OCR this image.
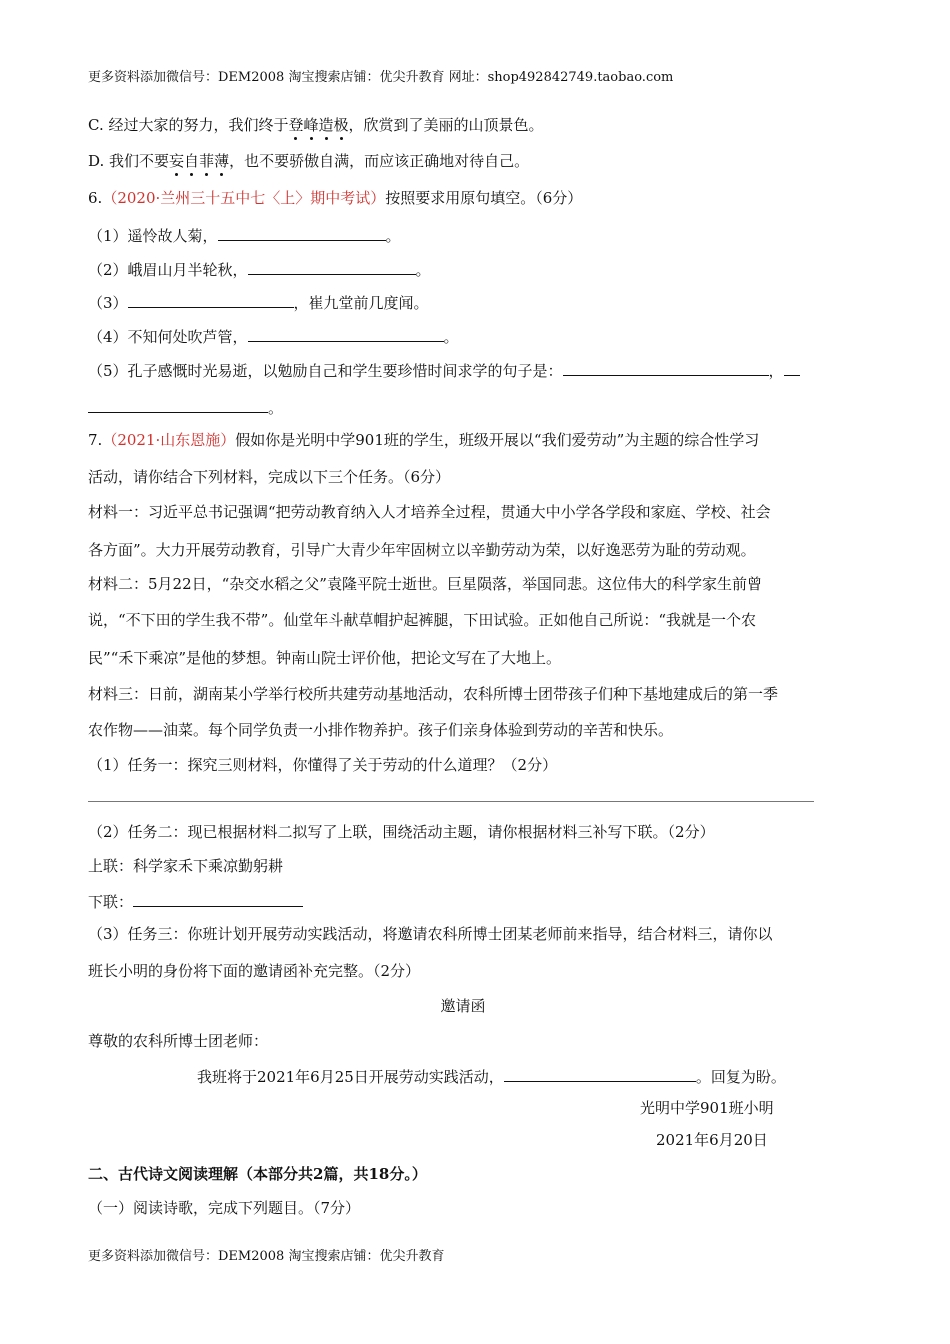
更多资料添加微信号：DEM2008 淘宝搜索店铺：优尖升教育 网址：shop492842749.taobao.com
C. 经过大家的努力，我们终于登峰造极，欣赏到了美丽的山顶景色。
D. 我们不要妄自菲薄，也不要骄傲自满，而应该正确地对待自己。
6.（2020·兰州三十五中七〈上〉期中考试）按照要求用原句填空。（6分）
（1）遥怜故人菊，	。
（2）峨眉山月半轮秋，	。
（3）	，崔九堂前几度闻。
（4）不知何处吹芦管，	。
（5）孔子感慨时光易逝，以勉励自己和学生要珍惜时间求学的句子是：	，
。
7.（2021·山东恩施）假如你是光明中学901班的学生，班级开展以“我们爱劳动”为主题的综合性学习
活动，请你结合下列材料，完成以下三个任务。（6分）
材料一：习近平总书记强调“把劳动教育纳入人才培养全过程，贯通大中小学各学段和家庭、学校、社会
各方面”。大力开展劳动教育，引导广大青少年牢固树立以辛勤劳动为荣，以好逸恶劳为耻的劳动观。
材料二：5月22日，“杂交水稻之父”袁隆平院士逝世。巨星陨落，举国同悲。这位伟大的科学家生前曾
说，“不下田的学生我不带”。仙堂年斗献草帽护起裤腿，下田试验。正如他自己所说：“我就是一个农
民”“禾下乘凉”是他的梦想。钟南山院士评价他，把论文写在了大地上。
材料三：日前，湖南某小学举行校所共建劳动基地活动，农科所博士团带孩子们种下基地建成后的第一季
农作物——油菜。每个同学负责一小排作物养护。孩子们亲身体验到劳动的辛苦和快乐。
（1）任务一：探究三则材料，你懂得了关于劳动的什么道理？（2分）
（2）任务二：现已根据材料二拟写了上联，围绕活动主题，请你根据材料三补写下联。（2分）
上联：科学家禾下乘凉勤躬耕
下联：
（3）任务三：你班计划开展劳动实践活动，将邀请农科所博士团某老师前来指导，结合材料三，请你以
班长小明的身份将下面的邀请函补充完整。（2分）
邀请函
尊敬的农科所博士团老师：
我班将于2021年6月25日开展劳动实践活动，	。回复为盼。
光明中学901班小明
2021年6月20日
二、古代诗文阅读理解（本部分共2篇，共18分。）
（一）阅读诗歌，完成下列题目。（7分）
更多资料添加微信号：DEM2008 淘宝搜索店铺：优尖升教育
